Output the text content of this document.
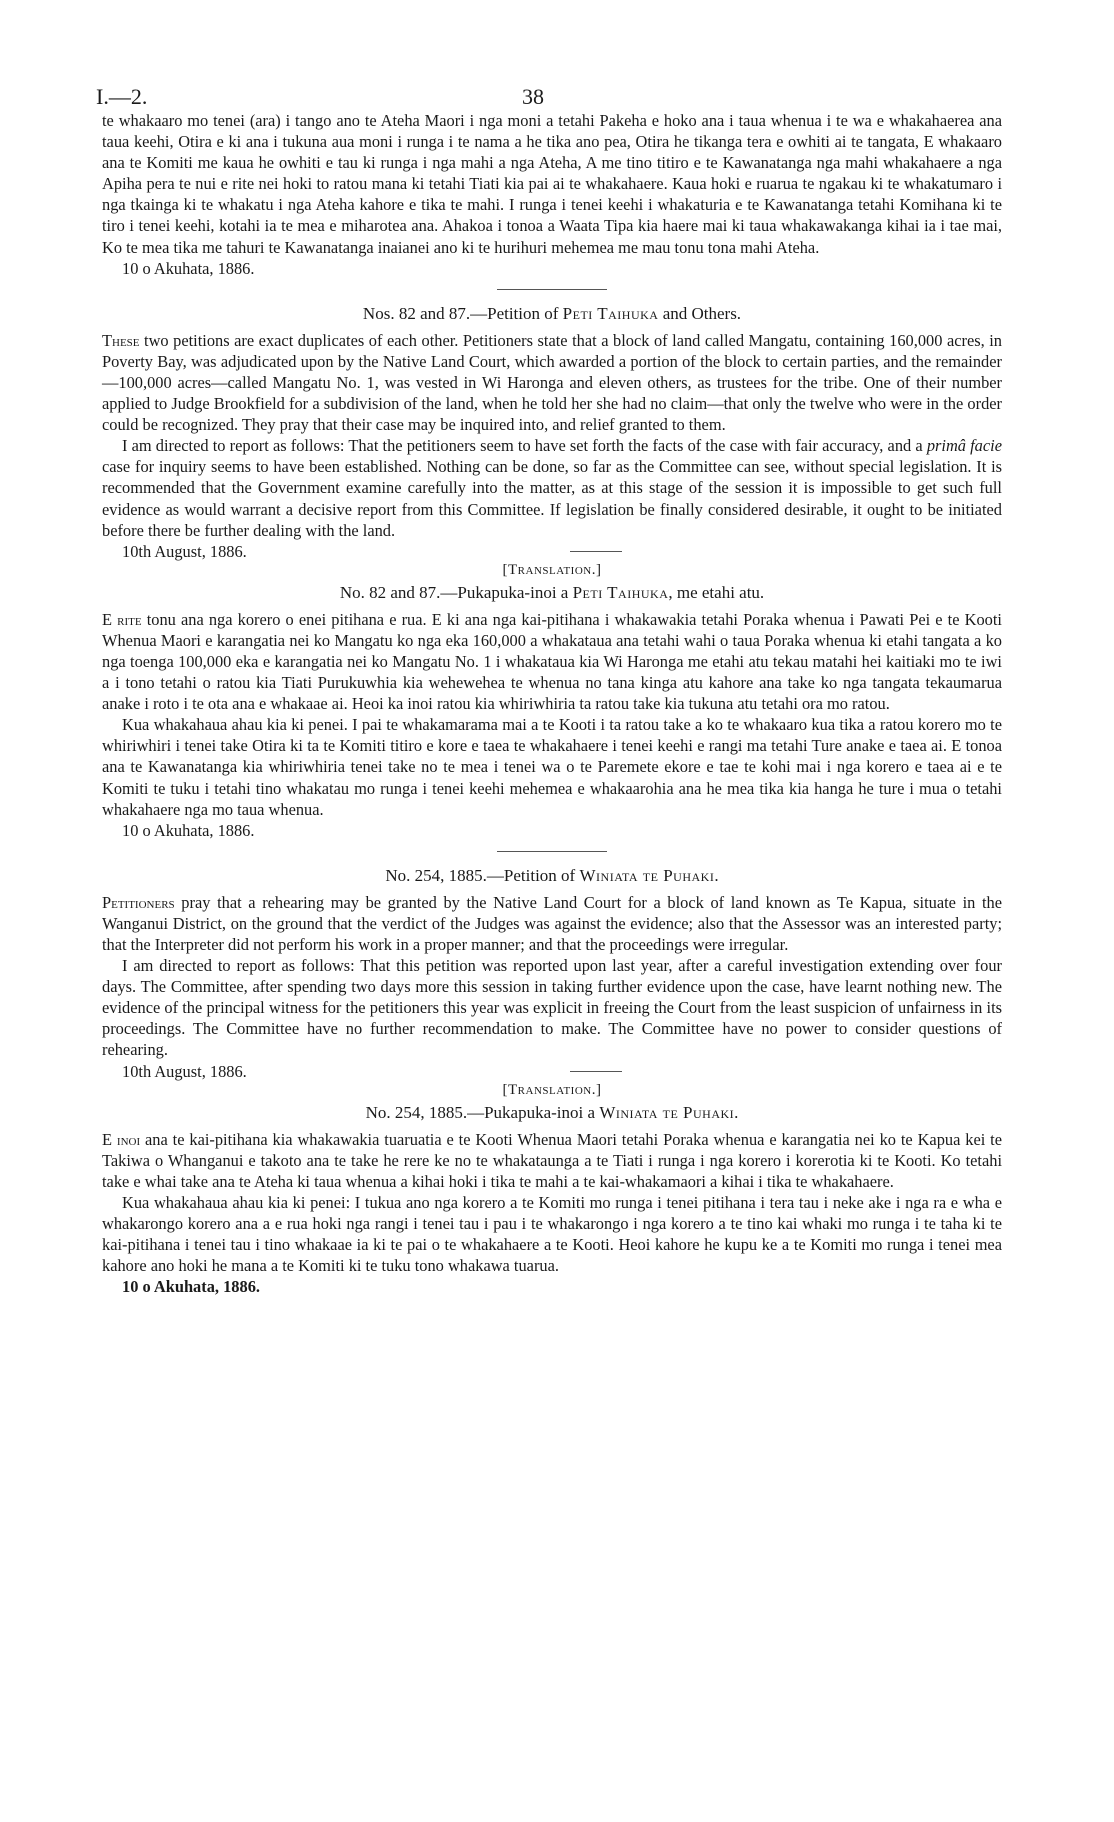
I.—2.	38

te whakaaro mo tenei (ara) i tango ano te Ateha Maori i nga moni a tetahi Pakeha e hoko ana i taua whenua i te wa e whakahaerea ana taua keehi, Otira e ki ana i tukuna aua moni i runga i te nama a he tika ano pea, Otira he tikanga tera e owhiti ai te tangata, E whakaaro ana te Komiti me kaua he owhiti e tau ki runga i nga mahi a nga Ateha, A me tino titiro e te Kawanatanga nga mahi whakahaere a nga Apiha pera te nui e rite nei hoki to ratou mana ki tetahi Tiati kia pai ai te whakahaere. Kaua hoki e ruarua te ngakau ki te whakatumaro i nga tkainga ki te whakatu i nga Ateha kahore e tika te mahi. I runga i tenei keehi i whakaturia e te Kawanatanga tetahi Komihana ki te tiro i tenei keehi, kotahi ia te mea e miharotea ana. Ahakoa i tonoa a Waata Tipa kia haere mai ki taua whakawakanga kihai ia i tae mai, Ko te mea tika me tahuri te Kawanatanga inaianei ano ki te hurihuri mehemea me mau tonu tona mahi Ateha.

10 o Akuhata, 1886.
Nos. 82 and 87.—Petition of Peti Taihuka and Others.

These two petitions are exact duplicates of each other. Petitioners state that a block of land called Mangatu, containing 160,000 acres, in Poverty Bay, was adjudicated upon by the Native Land Court, which awarded a portion of the block to certain parties, and the remainder—100,000 acres—called Mangatu No. 1, was vested in Wi Haronga and eleven others, as trustees for the tribe. One of their number applied to Judge Brookfield for a subdivision of the land, when he told her she had no claim—that only the twelve who were in the order could be recognized. They pray that their case may be inquired into, and relief granted to them.

I am directed to report as follows: That the petitioners seem to have set forth the facts of the case with fair accuracy, and a primâ facie case for inquiry seems to have been established. Nothing can be done, so far as the Committee can see, without special legislation. It is recommended that the Government examine carefully into the matter, as at this stage of the session it is impossible to get such full evidence as would warrant a decisive report from this Committee. If legislation be finally considered desirable, it ought to be initiated before there be further dealing with the land.

10th August, 1886.
[Translation.]
No. 82 and 87.—Pukapuka-inoi a Peti Taihuka, me etahi atu.

E rite tonu ana nga korero o enei pitihana e rua. E ki ana nga kai-pitihana i whakawakia tetahi Poraka whenua i Pawati Pei e te Kooti Whenua Maori e karangatia nei ko Mangatu ko nga eka 160,000 a whakataua ana tetahi wahi o taua Poraka whenua ki etahi tangata a ko nga toenga 100,000 eka e karangatia nei ko Mangatu No. 1 i whakataua kia Wi Haronga me etahi atu tekau matahi hei kaitiaki mo te iwi a i tono tetahi o ratou kia Tiati Purukuwhia kia wehewehea te whenua no tana kinga atu kahore ana take ko nga tangata tekaumarua anake i roto i te ota ana e whakaae ai. Heoi ka inoi ratou kia whiriwhiria ta ratou take kia tukuna atu tetahi ora mo ratou.

Kua whakahaua ahau kia ki penei. I pai te whakamarama mai a te Kooti i ta ratou take a ko te whakaaro kua tika a ratou korero mo te whiriwhiri i tenei take Otira ki ta te Komiti titiro e kore e taea te whakahaere i tenei keehi e rangi ma tetahi Ture anake e taea ai. E tonoa ana te Kawanatanga kia whiriwhiria tenei take no te mea i tenei wa o te Paremete ekore e tae te kohi mai i nga korero e taea ai e te Komiti te tuku i tetahi tino whakatau mo runga i tenei keehi mehemea e whakaarohia ana he mea tika kia hanga he ture i mua o tetahi whakahaere nga mo taua whenua.

10 o Akuhata, 1886.
No. 254, 1885.—Petition of Winiata te Puhaki.

Petitioners pray that a rehearing may be granted by the Native Land Court for a block of land known as Te Kapua, situate in the Wanganui District, on the ground that the verdict of the Judges was against the evidence; also that the Assessor was an interested party; that the Interpreter did not perform his work in a proper manner; and that the proceedings were irregular.

I am directed to report as follows: That this petition was reported upon last year, after a careful investigation extending over four days. The Committee, after spending two days more this session in taking further evidence upon the case, have learnt nothing new. The evidence of the principal witness for the petitioners this year was explicit in freeing the Court from the least suspicion of unfairness in its proceedings. The Committee have no further recommendation to make. The Committee have no power to consider questions of rehearing.

10th August, 1886.
[Translation.]
No. 254, 1885.—Pukapuka-inoi a Winiata te Puhaki.

E inoi ana te kai-pitihana kia whakawakia tuaruatia e te Kooti Whenua Maori tetahi Poraka whenua e karangatia nei ko te Kapua kei te Takiwa o Whanganui e takoto ana te take he rere ke no te whakataunga a te Tiati i runga i nga korero i korerotia ki te Kooti. Ko tetahi take e whai take ana te Ateha ki taua whenua a kihai hoki i tika te mahi a te kai-whakamaori a kihai i tika te whakahaere.

Kua whakahaua ahau kia ki penei: I tukua ano nga korero a te Komiti mo runga i tenei pitihana i tera tau i neke ake i nga ra e wha e whakarongo korero ana a e rua hoki nga rangi i tenei tau i pau i te whakarongo i nga korero a te tino kai whaki mo runga i te taha ki te kai-pitihana i tenei tau i tino whakaae ia ki te pai o te whakahaere a te Kooti. Heoi kahore he kupu ke a te Komiti mo runga i tenei mea kahore ano hoki he mana a te Komiti ki te tuku tono whakawa tuarua.

10 o Akuhata, 1886.
